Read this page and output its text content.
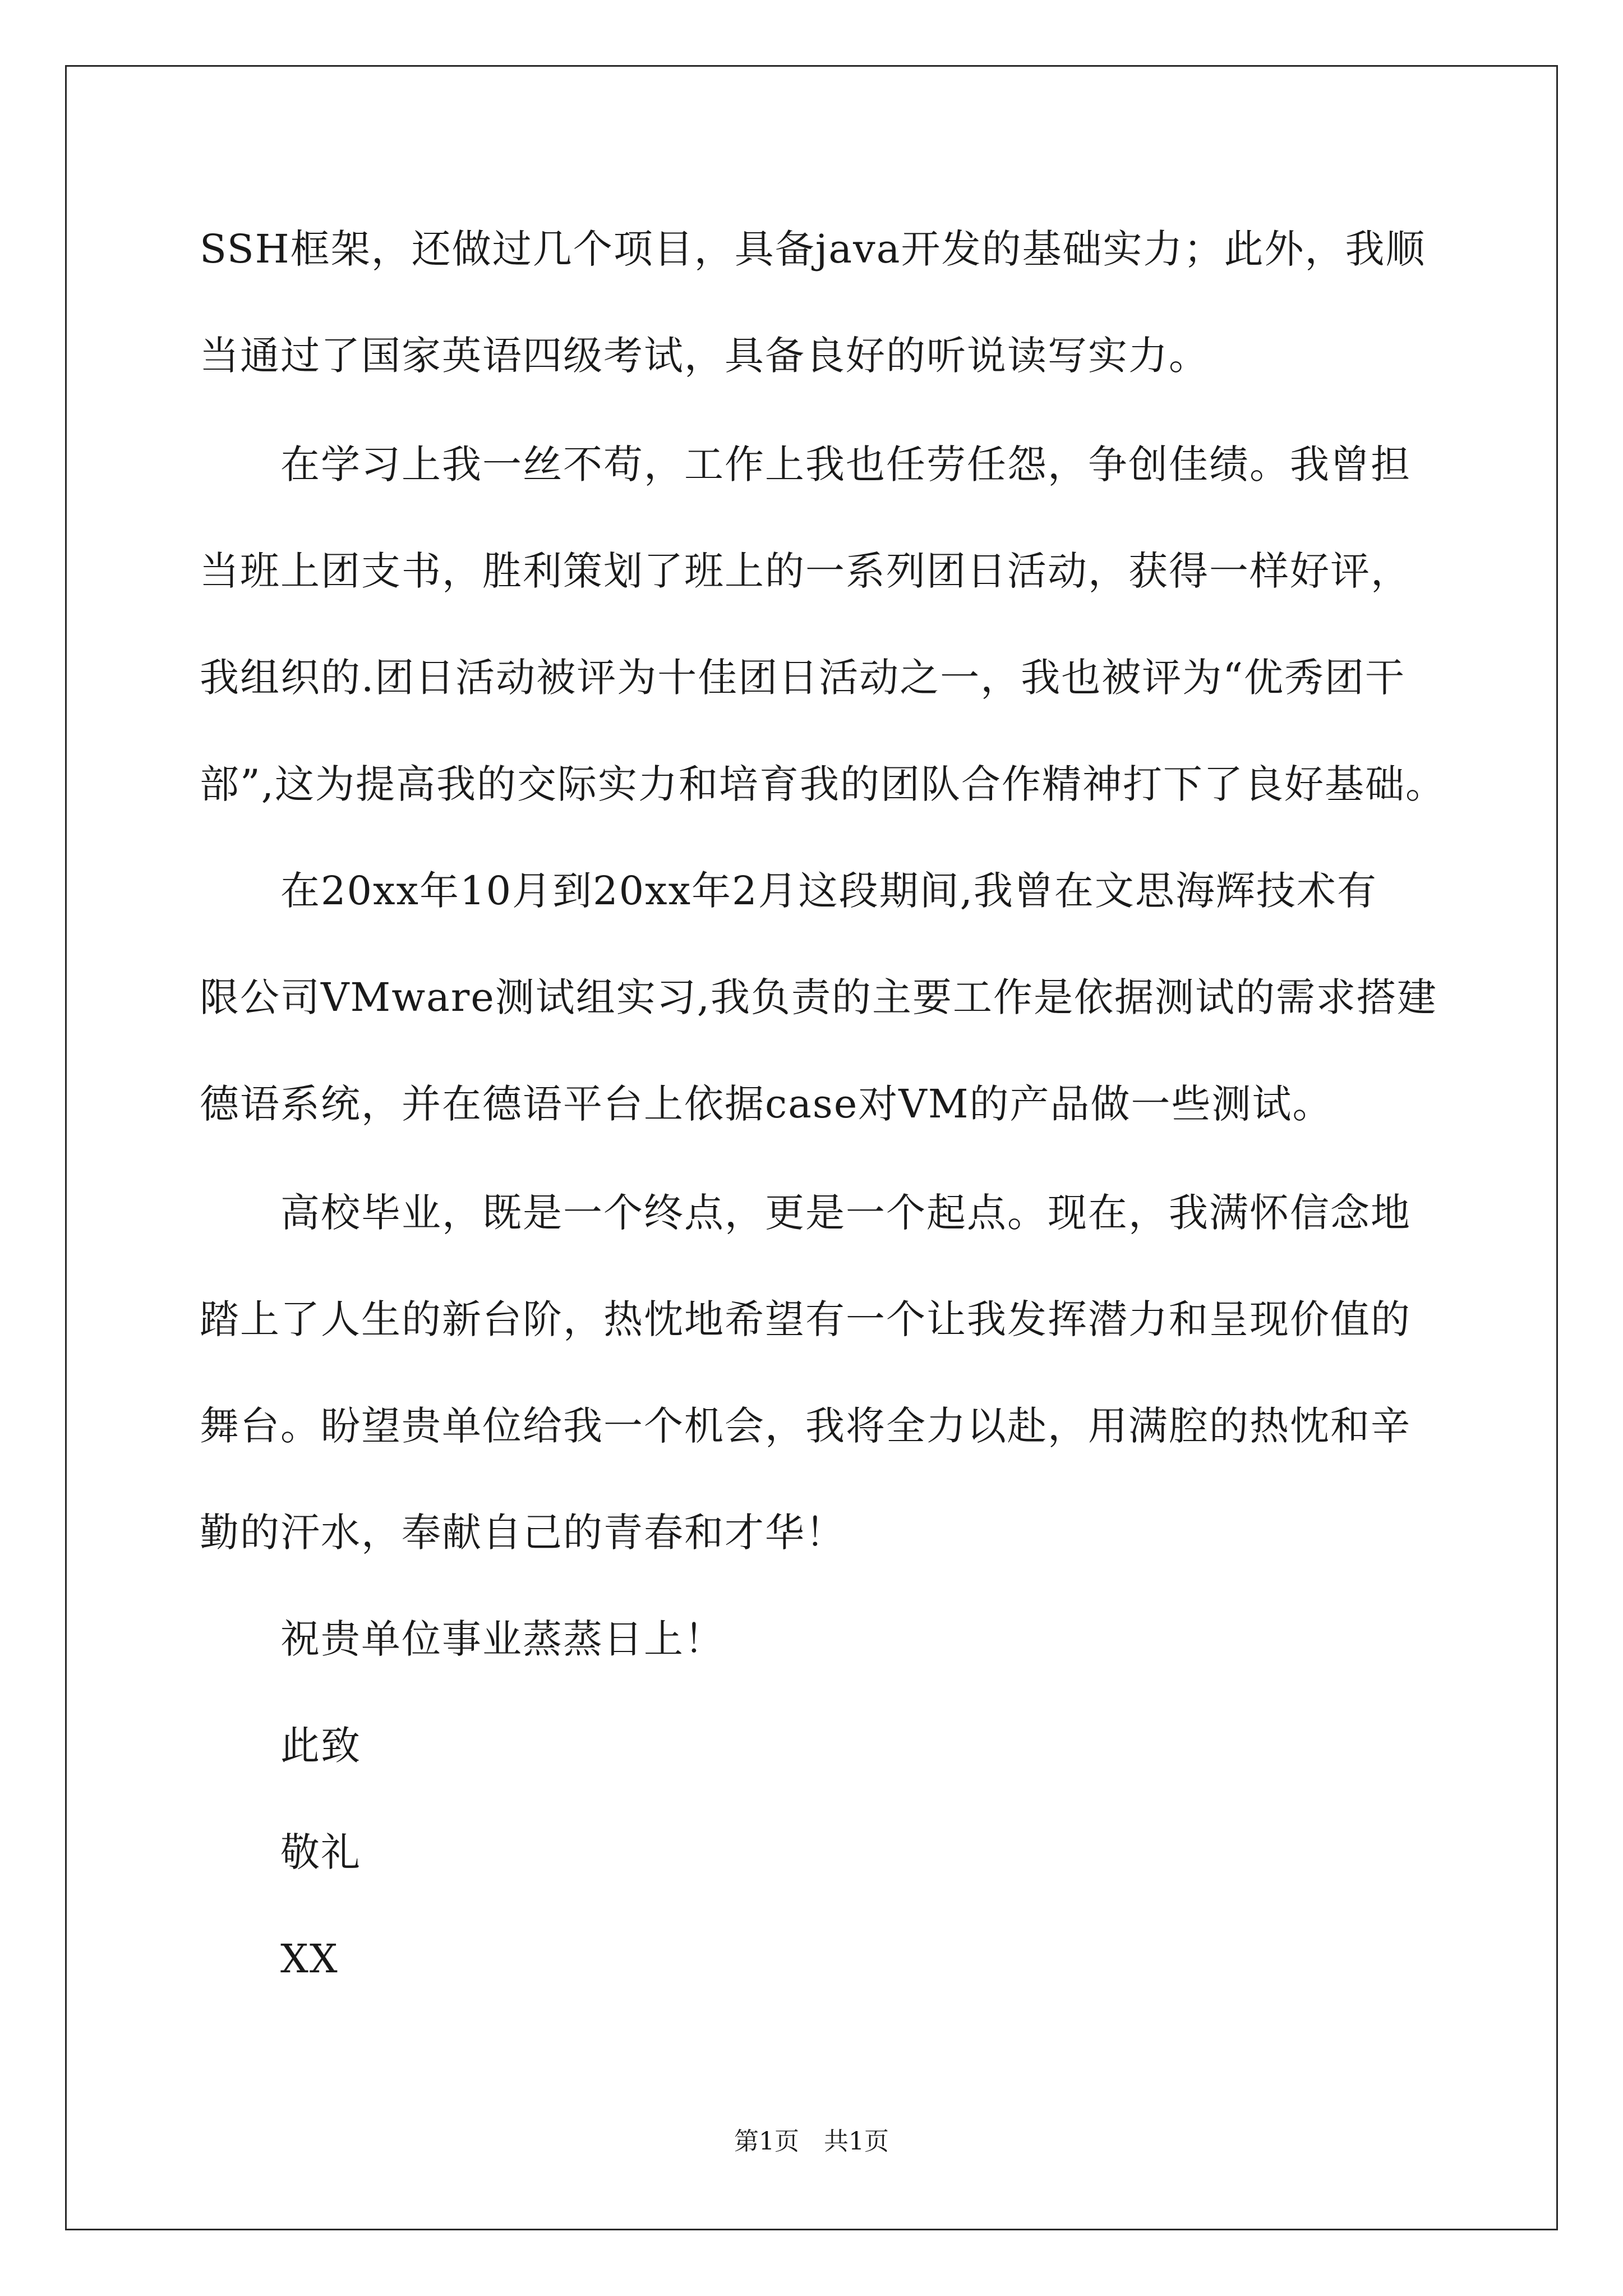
SSH框架，还做过几个项目，具备java开发的基础实力；此外，我顺
当通过了国家英语四级考试，具备良好的听说读写实力。
在学习上我一丝不苟，工作上我也任劳任怨，争创佳绩。我曾担
当班上团支书，胜利策划了班上的一系列团日活动，获得一样好评，
我组织的.团日活动被评为十佳团日活动之一，我也被评为“优秀团干
部”,这为提高我的交际实力和培育我的团队合作精神打下了良好基础。
在20xx年10月到20xx年2月这段期间,我曾在文思海辉技术有
限公司VMware测试组实习,我负责的主要工作是依据测试的需求搭建
德语系统，并在德语平台上依据case对VM的产品做一些测试。
高校毕业，既是一个终点，更是一个起点。现在，我满怀信念地
踏上了人生的新台阶，热忱地希望有一个让我发挥潜力和呈现价值的
舞台。盼望贵单位给我一个机会，我将全力以赴，用满腔的热忱和辛
勤的汗水，奉献自己的青春和才华！
祝贵单位事业蒸蒸日上！
此致
敬礼
XX
第1页　共1页
